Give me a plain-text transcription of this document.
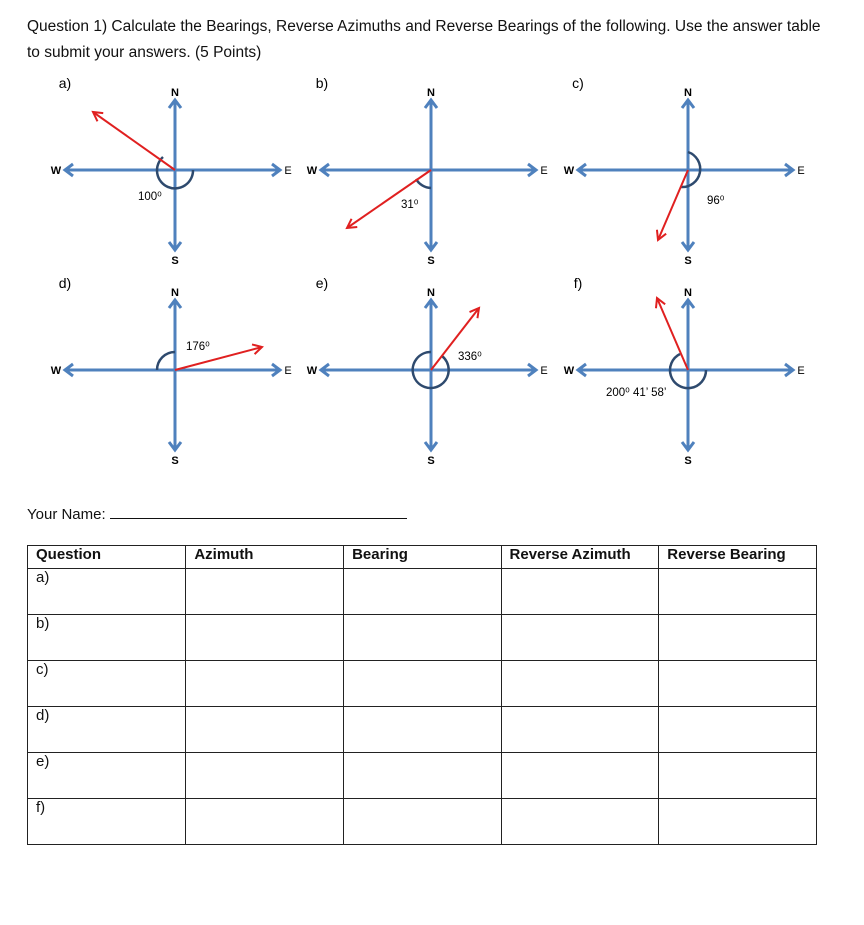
Question 1) Calculate the Bearings, Reverse Azimuths and Reverse Bearings of the following. Use the answer table to submit your answers. (5 Points)
N
S
W	E
a)
100⁰
N
S
W	E
b)
31⁰
N
S
W	E
c)
96⁰
N
S
W	E
d)
176⁰
N
S
W	E
e)
336⁰
N
S
W	E
f)
200⁰ 41’ 58’
Your Name:
Question	Azimuth	Bearing	Reverse Azimuth	Reverse Bearing
a)				
b)				
c)				
d)				
e)				
f)				
